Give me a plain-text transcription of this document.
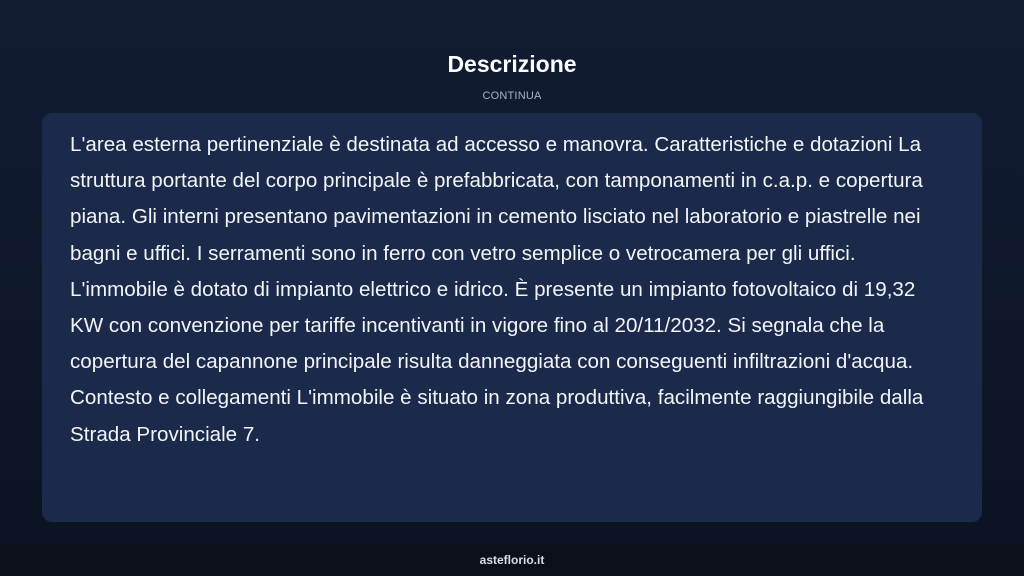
Descrizione
CONTINUA

L'area esterna pertinenziale è destinata ad accesso e manovra. Caratteristiche e dotazioni La struttura portante del corpo principale è prefabbricata, con tamponamenti in c.a.p. e copertura piana. Gli interni presentano pavimentazioni in cemento lisciato nel laboratorio e piastrelle nei bagni e uffici. I serramenti sono in ferro con vetro semplice o vetrocamera per gli uffici. L'immobile è dotato di impianto elettrico e idrico. È presente un impianto fotovoltaico di 19,32 KW con convenzione per tariffe incentivanti in vigore fino al 20/11/2032. Si segnala che la copertura del capannone principale risulta danneggiata con conseguenti infiltrazioni d'acqua. Contesto e collegamenti L'immobile è situato in zona produttiva, facilmente raggiungibile dalla Strada Provinciale 7.

asteflorio.it
